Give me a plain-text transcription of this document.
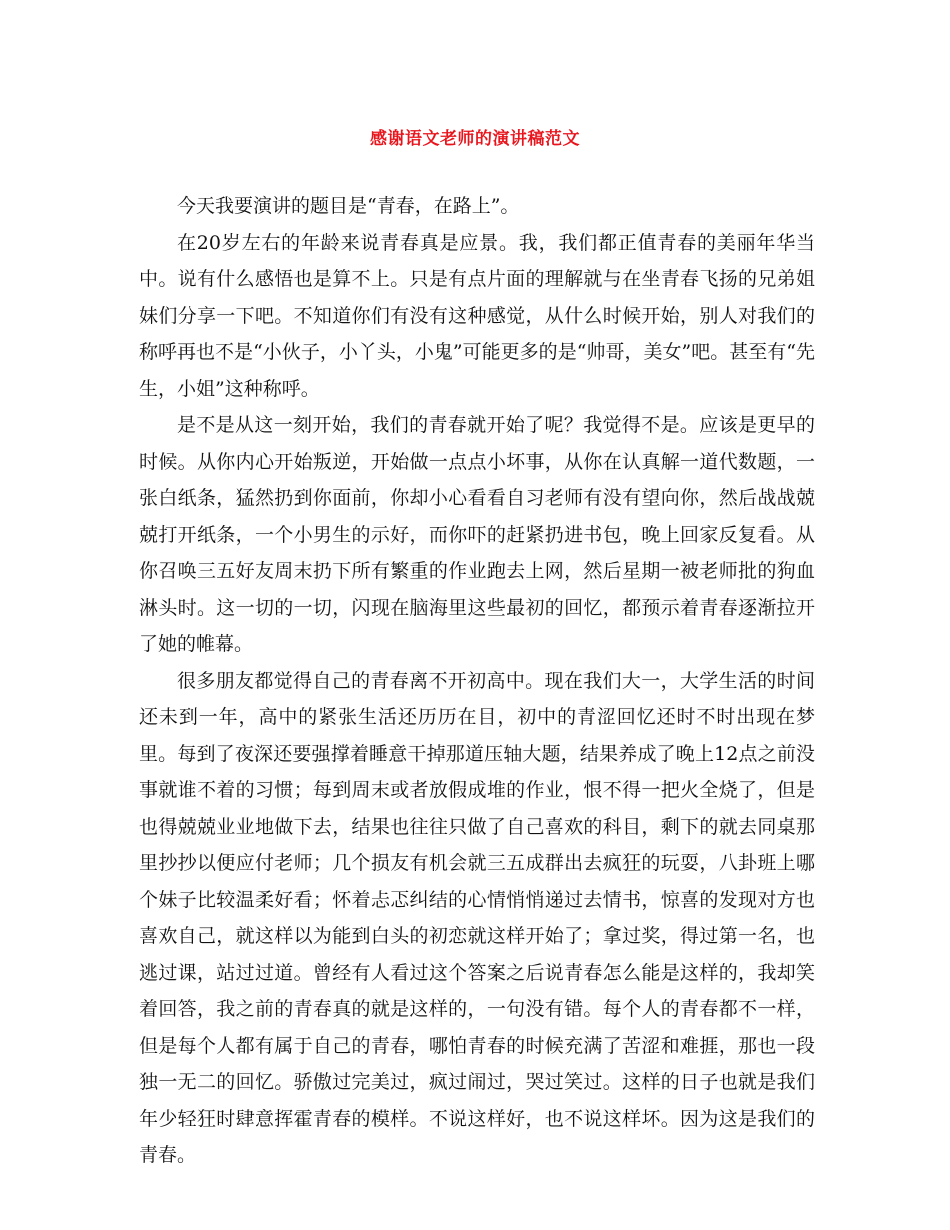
感谢语文老师的演讲稿范文

今天我要演讲的题目是“青春，在路上”。

在20岁左右的年龄来说青春真是应景。我，我们都正值青春的美丽年华当中。说有什么感悟也是算不上。只是有点片面的理解就与在坐青春飞扬的兄弟姐妹们分享一下吧。不知道你们有没有这种感觉，从什么时候开始，别人对我们的称呼再也不是“小伙子，小丫头，小鬼”可能更多的是“帅哥，美女”吧。甚至有“先生，小姐”这种称呼。

是不是从这一刻开始，我们的青春就开始了呢？我觉得不是。应该是更早的时候。从你内心开始叛逆，开始做一点点小坏事，从你在认真解一道代数题，一张白纸条，猛然扔到你面前，你却小心看看自习老师有没有望向你，然后战战兢兢打开纸条，一个小男生的示好，而你吓的赶紧扔进书包，晚上回家反复看。从你召唤三五好友周末扔下所有繁重的作业跑去上网，然后星期一被老师批的狗血淋头时。这一切的一切，闪现在脑海里这些最初的回忆，都预示着青春逐渐拉开了她的帷幕。

很多朋友都觉得自己的青春离不开初高中。现在我们大一，大学生活的时间还未到一年，高中的紧张生活还历历在目，初中的青涩回忆还时不时出现在梦里。每到了夜深还要强撑着睡意干掉那道压轴大题，结果养成了晚上12点之前没事就谁不着的习惯；每到周末或者放假成堆的作业，恨不得一把火全烧了，但是也得兢兢业业地做下去，结果也往往只做了自己喜欢的科目，剩下的就去同桌那里抄抄以便应付老师；几个损友有机会就三五成群出去疯狂的玩耍，八卦班上哪个妹子比较温柔好看；怀着忐忑纠结的心情悄悄递过去情书，惊喜的发现对方也喜欢自己，就这样以为能到白头的初恋就这样开始了；拿过奖，得过第一名，也逃过课，站过过道。曾经有人看过这个答案之后说青春怎么能是这样的，我却笑着回答，我之前的青春真的就是这样的，一句没有错。每个人的青春都不一样，但是每个人都有属于自己的青春，哪怕青春的时候充满了苦涩和难捱，那也一段独一无二的回忆。骄傲过完美过，疯过闹过，哭过笑过。这样的日子也就是我们年少轻狂时肆意挥霍青春的模样。不说这样好，也不说这样坏。因为这是我们的青春。
